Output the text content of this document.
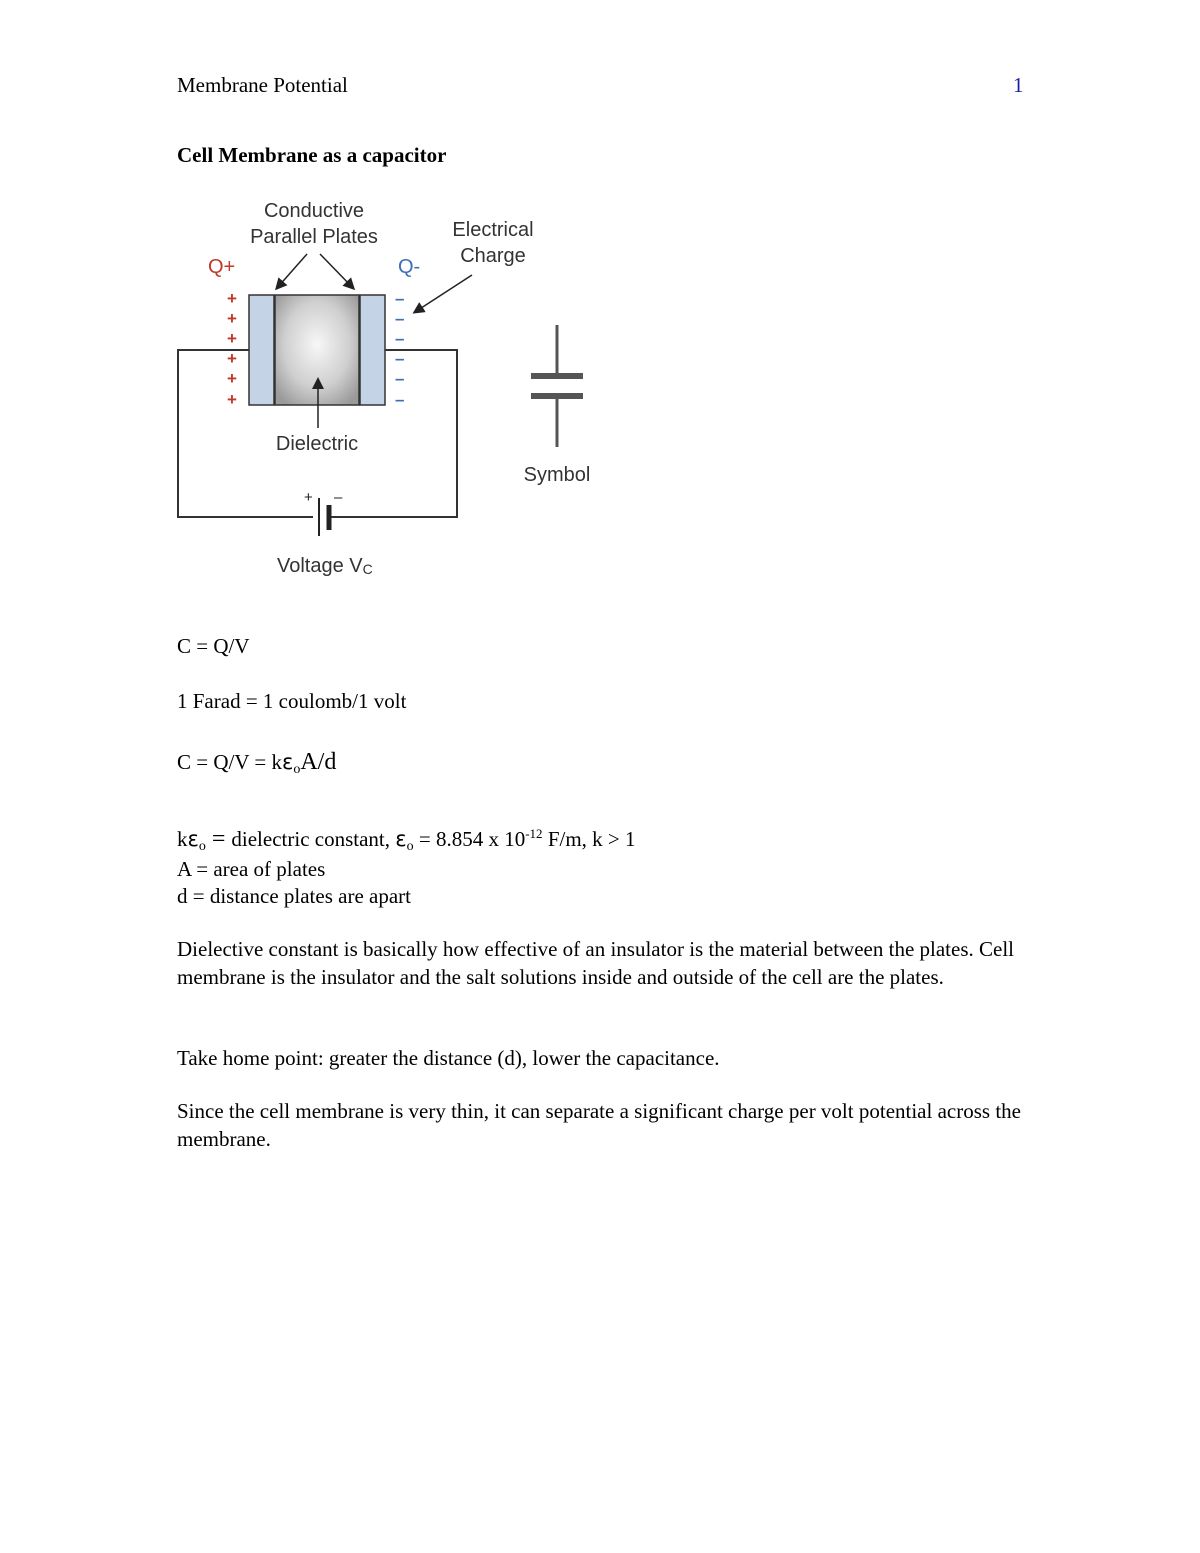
Membrane Potential	1
Cell Membrane as a capacitor
+ –
+
+
+
+
+
+
–
–
–
–
–
–
Q+	Q-
Conductive
Parallel Plates	Electrical
Charge
Dielectric
Voltage VC
Symbol

C = Q/V

1 Farad = 1 coulomb/1 volt

$C = Q/V = k\varepsilon_oA/d$

$k\varepsilon_o$ = dielectric constant, $\varepsilon_o = 8.854$ x $10^{-12}$ F/m, k > 1

A = area of plates

d = distance plates are apart

Dielective constant is basically how effective of an insulator is the material between the plates. Cell membrane is the insulator and the salt solutions inside and outside of the cell are the plates.

Take home point: greater the distance (d), lower the capacitance.

Since the cell membrane is very thin, it can separate a significant charge per volt potential across the membrane.
